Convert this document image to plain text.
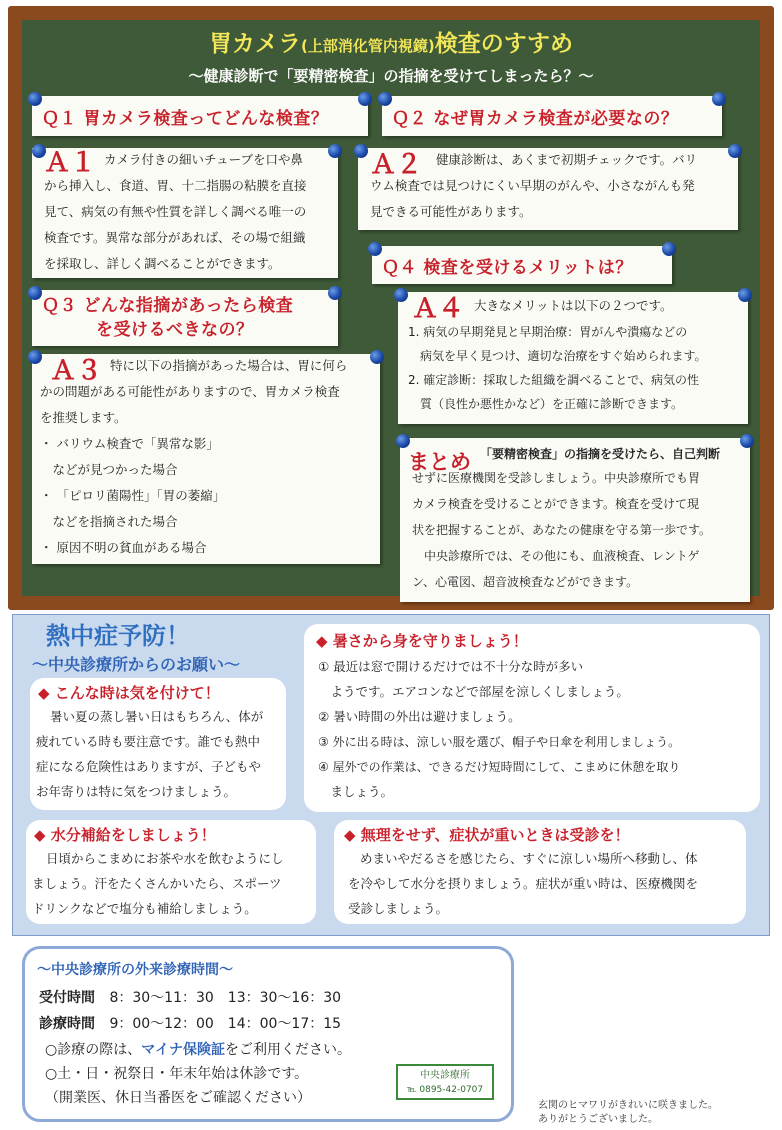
胃カメラ(上部消化管内視鏡)検査のすすめ
～健康診断で「要精密検査」の指摘を受けてしまったら？～
Ｑ１ 胃カメラ検査ってどんな検査？	Ｑ２ なぜ胃カメラ検査が必要なの？
Ａ１ カメラ付きの細いチューブを口や鼻
から挿入し、食道、胃、十二指腸の粘膜を直接
見て、病気の有無や性質を詳しく調べる唯一の
検査です。異常な部分があれば、その場で組織
を採取し、詳しく調べることができます。
Ａ２ 健康診断は、あくまで初期チェックです。バリ
ウム検査では見つけにくい早期のがんや、小さながんも発
見できる可能性があります。
Ｑ４ 検査を受けるメリットは？
Ｑ３ どんな指摘があったら検査
を受けるべきなの？
Ａ４ 大きなメリットは以下の２つです。
1. 病気の早期発見と早期治療：胃がんや潰瘍などの
　病気を早く見つけ、適切な治療をすぐ始められます。
2. 確定診断：採取した組織を調べることで、病気の性
　質（良性か悪性かなど）を正確に診断できます。
Ａ３ 特に以下の指摘があった場合は、胃に何ら
かの問題がある可能性がありますので、胃カメラ検査
を推奨します。
・ バリウム検査で「異常な影」
　などが見つかった場合
・ 「ピロリ菌陽性」「胃の萎縮」
　などを指摘された場合
・ 原因不明の貧血がある場合
まとめ 「要精密検査」の指摘を受けたら、自己判断
せずに医療機関を受診しましょう。中央診療所でも胃
カメラ検査を受けることができます。検査を受けて現
状を把握することが、あなたの健康を守る第一歩です。
　中央診療所では、その他にも、血液検査、レントゲ
ン、心電図、超音波検査などができます。
熱中症予防！
～中央診療所からのお願い～
◆ こんな時は気を付けて！
暑い夏の蒸し暑い日はもちろん、体が
疲れている時も要注意です。誰でも熱中
症になる危険性はありますが、子どもや
お年寄りは特に気をつけましょう。
◆ 暑さから身を守りましょう！
① 最近は窓で開けるだけでは不十分な時が多い
　ようです。エアコンなどで部屋を涼しくしましょう。
② 暑い時間の外出は避けましょう。
③ 外に出る時は、涼しい服を選び、帽子や日傘を利用しましょう。
④ 屋外での作業は、できるだけ短時間にして、こまめに休憩を取り
　ましょう。
◆ 水分補給をしましょう！
日頃からこまめにお茶や水を飲むようにし
ましょう。汗をたくさんかいたら、スポーツ
ドリンクなどで塩分も補給しましょう。
◆ 無理をせず、症状が重いときは受診を！
めまいやだるさを感じたら、すぐに涼しい場所へ移動し、体
を冷やして水分を摂りましょう。症状が重い時は、医療機関を
受診しましょう。
～中央診療所の外来診療時間～
受付時間 8：30～11：30　13：30～16：30
診療時間 9：00～12：00　14：00～17：15
○診療の際は、マイナ保険証をご利用ください。
○土・日・祝祭日・年末年始は休診です。
（開業医、休日当番医をご確認ください）
中央診療所
℡ 0895-42-0707
玄関のヒマワリがきれいに咲きました。
ありがとうございました。
